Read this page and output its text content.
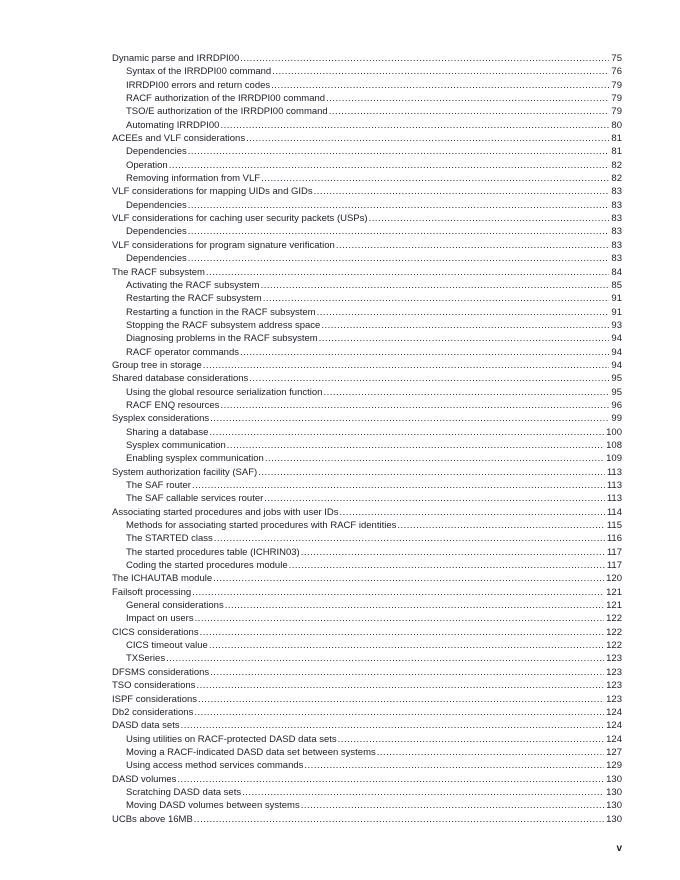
Dynamic parse and IRRDPI00 .....	75
Syntax of the IRRDPI00 command .....	76
IRRDPI00 errors and return codes .....	79
RACF authorization of the IRRDPI00 command .....	79
TSO/E authorization of the IRRDPI00 command .....	79
Automating IRRDPI00 .....	80
ACEEs and VLF considerations .....	81
Dependencies .....	81
Operation .....	82
Removing information from VLF .....	82
VLF considerations for mapping UIDs and GIDs .....	83
Dependencies .....	83
VLF considerations for caching user security packets (USPs) .....	83
Dependencies .....	83
VLF considerations for program signature verification .....	83
Dependencies .....	83
The RACF subsystem .....	84
Activating the RACF subsystem .....	85
Restarting the RACF subsystem .....	91
Restarting a function in the RACF subsystem .....	91
Stopping the RACF subsystem address space .....	93
Diagnosing problems in the RACF subsystem .....	94
RACF operator commands .....	94
Group tree in storage .....	94
Shared database considerations .....	95
Using the global resource serialization function .....	95
RACF ENQ resources .....	96
Sysplex considerations .....	99
Sharing a database .....	100
Sysplex communication .....	108
Enabling sysplex communication .....	109
System authorization facility (SAF) .....	113
The SAF router .....	113
The SAF callable services router .....	113
Associating started procedures and jobs with user IDs .....	114
Methods for associating started procedures with RACF identities .....	115
The STARTED class .....	116
The started procedures table (ICHRIN03) .....	117
Coding the started procedures module .....	117
The ICHAUTAB module .....	120
Failsoft processing .....	121
General considerations .....	121
Impact on users .....	122
CICS considerations .....	122
CICS timeout value .....	122
TXSeries .....	123
DFSMS considerations .....	123
TSO considerations .....	123
ISPF considerations .....	123
Db2 considerations .....	124
DASD data sets .....	124
Using utilities on RACF-protected DASD data sets .....	124
Moving a RACF-indicated DASD data set between systems .....	127
Using access method services commands .....	129
DASD volumes .....	130
Scratching DASD data sets .....	130
Moving DASD volumes between systems .....	130
UCBs above 16MB .....	130
v
